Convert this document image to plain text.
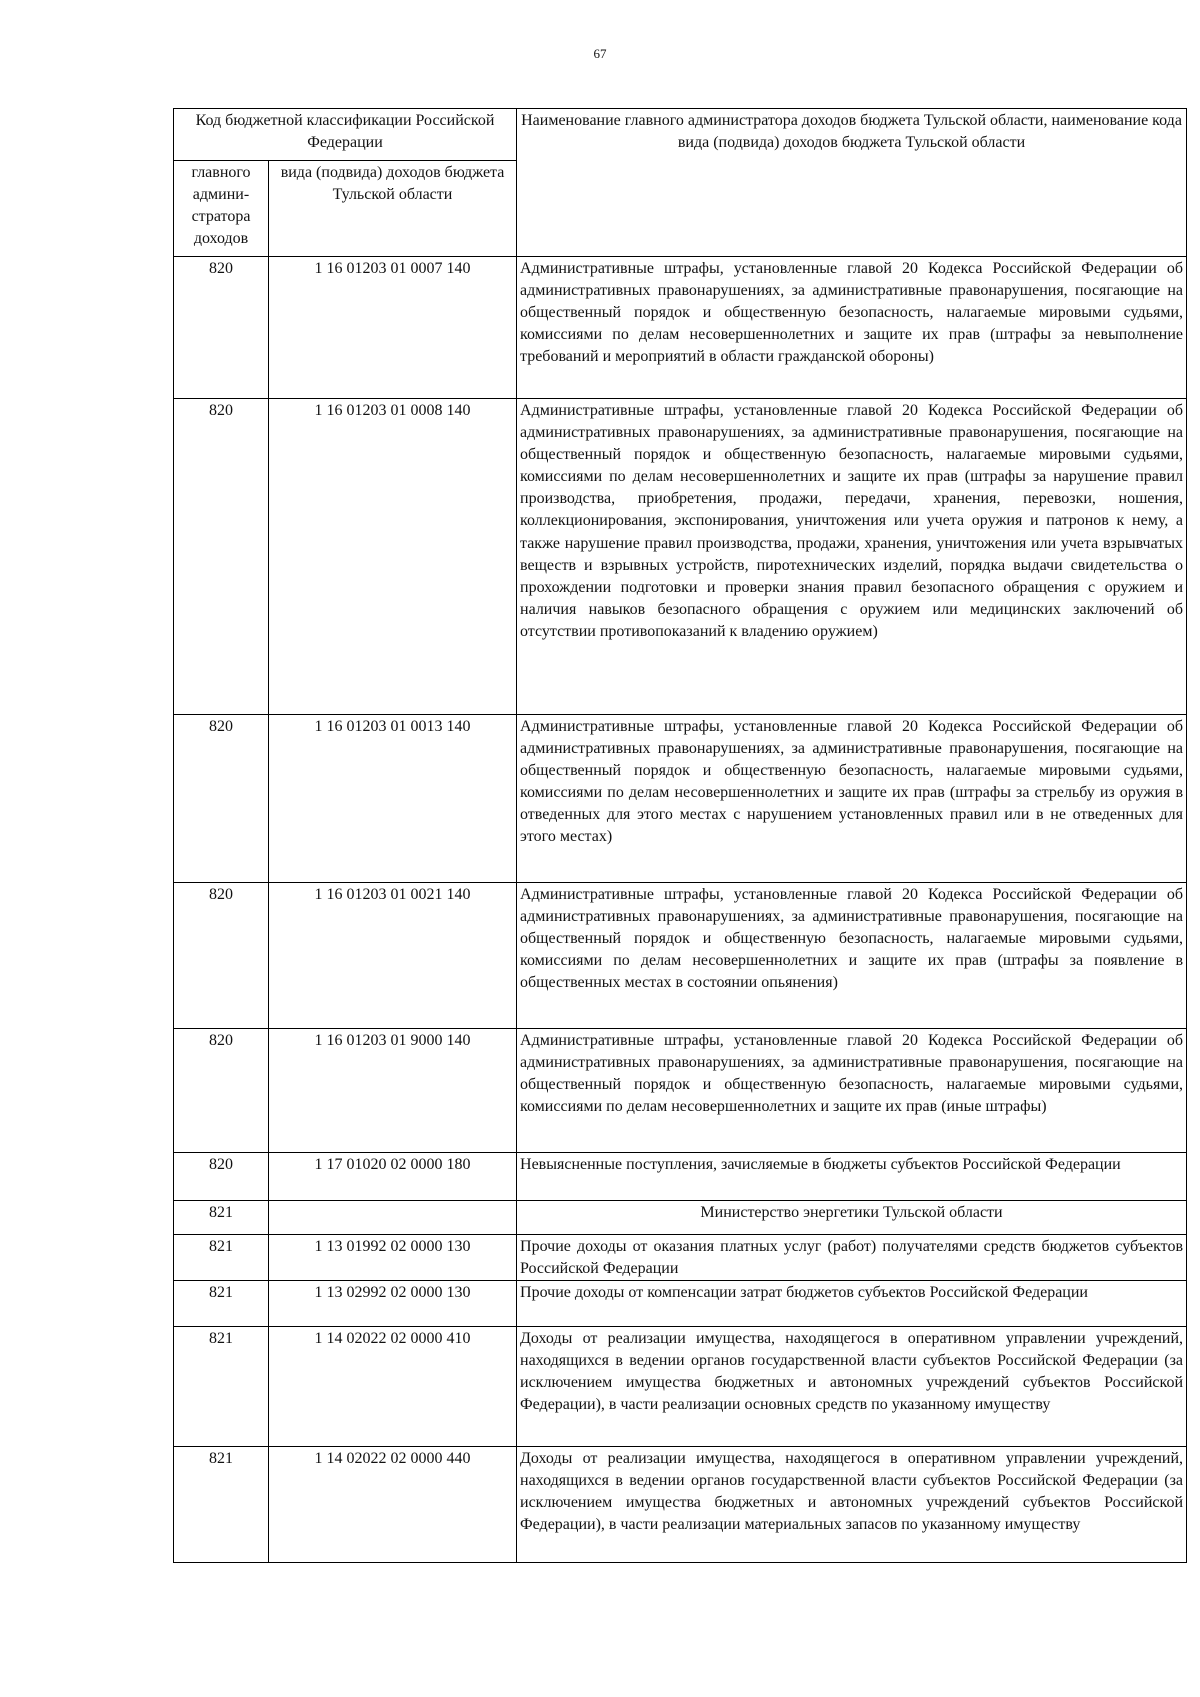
67
Код бюджетной классификации Российской Федерации		Наименование главного администратора доходов бюджета Тульской области, наименование кода вида (подвида) доходов бюджета Тульской области
главного админи-стратора доходов	вида (подвида) доходов бюджета Тульской области	
820	1 16 01203 01 0007 140	Административные штрафы, установленные главой 20 Кодекса Российской Федерации об административных правонарушениях, за административные правонарушения, посягающие на общественный порядок и общественную безопасность, налагаемые мировыми судьями, комиссиями по делам несовершеннолетних и защите их прав (штрафы за невыполнение требований и мероприятий в области гражданской обороны)
820	1 16 01203 01 0008 140	Административные штрафы, установленные главой 20 Кодекса Российской Федерации об административных правонарушениях, за административные правонарушения, посягающие на общественный порядок и общественную безопасность, налагаемые мировыми судьями, комиссиями по делам несовершеннолетних и защите их прав (штрафы за нарушение правил производства, приобретения, продажи, передачи, хранения, перевозки, ношения, коллекционирования, экспонирования, уничтожения или учета оружия и патронов к нему, а также нарушение правил производства, продажи, хранения, уничтожения или учета взрывчатых веществ и взрывных устройств, пиротехнических изделий, порядка выдачи свидетельства о прохождении подготовки и проверки знания правил безопасного обращения с оружием и наличия навыков безопасного обращения с оружием или медицинских заключений об отсутствии противопоказаний к владению оружием)
820	1 16 01203 01 0013 140	Административные штрафы, установленные главой 20 Кодекса Российской Федерации об административных правонарушениях, за административные правонарушения, посягающие на общественный порядок и общественную безопасность, налагаемые мировыми судьями, комиссиями по делам несовершеннолетних и защите их прав (штрафы за стрельбу из оружия в отведенных для этого местах с нарушением установленных правил или в не отведенных для этого местах)
820	1 16 01203 01 0021 140	Административные штрафы, установленные главой 20 Кодекса Российской Федерации об административных правонарушениях, за административные правонарушения, посягающие на общественный порядок и общественную безопасность, налагаемые мировыми судьями, комиссиями по делам несовершеннолетних и защите их прав (штрафы за появление в общественных местах в состоянии опьянения)
820	1 16 01203 01 9000 140	Административные штрафы, установленные главой 20 Кодекса Российской Федерации об административных правонарушениях, за административные правонарушения, посягающие на общественный порядок и общественную безопасность, налагаемые мировыми судьями, комиссиями по делам несовершеннолетних и защите их прав (иные штрафы)
820	1 17 01020 02 0000 180	Невыясненные поступления, зачисляемые в бюджеты субъектов Российской Федерации
821		Министерство энергетики Тульской области
821	1 13 01992 02 0000 130	Прочие доходы от оказания платных услуг (работ) получателями средств бюджетов субъектов Российской Федерации
821	1 13 02992 02 0000 130	Прочие доходы от компенсации затрат бюджетов субъектов Российской Федерации
821	1 14 02022 02 0000 410	Доходы от реализации имущества, находящегося в оперативном управлении учреждений, находящихся в ведении органов государственной власти субъектов Российской Федерации (за исключением имущества бюджетных и автономных учреждений субъектов Российской Федерации), в части реализации основных средств по указанному имуществу
821	1 14 02022 02 0000 440	Доходы от реализации имущества, находящегося в оперативном управлении учреждений, находящихся в ведении органов государственной власти субъектов Российской Федерации (за исключением имущества бюджетных и автономных учреждений субъектов Российской Федерации), в части реализации материальных запасов по указанному имуществу
